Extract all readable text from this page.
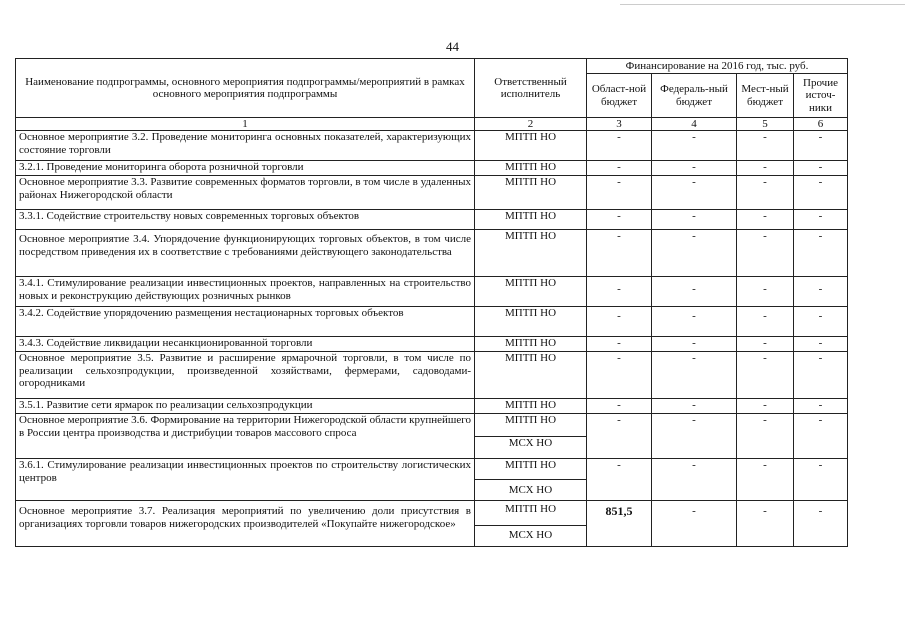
44
Наименование подпрограммы, основного мероприятия подпрограммы/мероприятий в рамках основного мероприятия подпрограммы	Ответственный исполнитель	Финансирование на 2016 год, тыс. руб.			
		Област-ной бюджет	Федераль-ный бюджет	Мест-ный бюджет	Прочие источ-ники
1	2	3	4	5	6
Основное мероприятие 3.2. Проведение мониторинга основных показателей, характеризующих состояние торговли	МПТП НО	-	-	-	-

3.2.1. Проведение мониторинга оборота розничной торговли	МПТП НО	-	-	-	-

Основное мероприятие 3.3. Развитие современных форматов торговли, в том числе в удаленных районах Нижегородской области	МПТП НО	-	-	-	-

3.3.1. Содействие строительству новых современных торговых объектов	МПТП НО	-	-	-	-

Основное мероприятие 3.4. Упорядочение функционирующих торговых объектов, в том числе посредством приведения их в соответствие с требованиями действующего законодательства	МПТП НО	-	-	-	-

3.4.1. Стимулирование реализации инвестиционных проектов, направленных на строительство новых и реконструкцию действующих розничных рынков	МПТП НО	-	-	-	-

3.4.2. Содействие упорядочению размещения нестационарных торговых объектов	МПТП НО	-	-	-	-

3.4.3. Содействие ликвидации несанкционированной торговли	МПТП НО	-	-	-	-

Основное мероприятие 3.5. Развитие и расширение ярмарочной торговли, в том числе по реализации сельхозпродукции, произведенной хозяйствами, фермерами, садоводами-огородниками	МПТП НО	-	-	-	-

3.5.1. Развитие сети ярмарок по реализации сельхозпродукции	МПТП НО	-	-	-	-

Основное мероприятие 3.6. Формирование на территории Нижегородской области крупнейшего в России центра производства и дистрибуции товаров массового спроса	МПТП НО
МСХ НО	-	-	-	-

3.6.1. Стимулирование реализации инвестиционных проектов по строительству логистических центров	МПТП НО
МСХ НО	-	-	-	-

Основное мероприятие 3.7. Реализация мероприятий по увеличению доли присутствия в организациях торговли товаров нижегородских производителей «Покупайте нижегородское»	МПТП НО
МСХ НО	851,5	-	-	-
